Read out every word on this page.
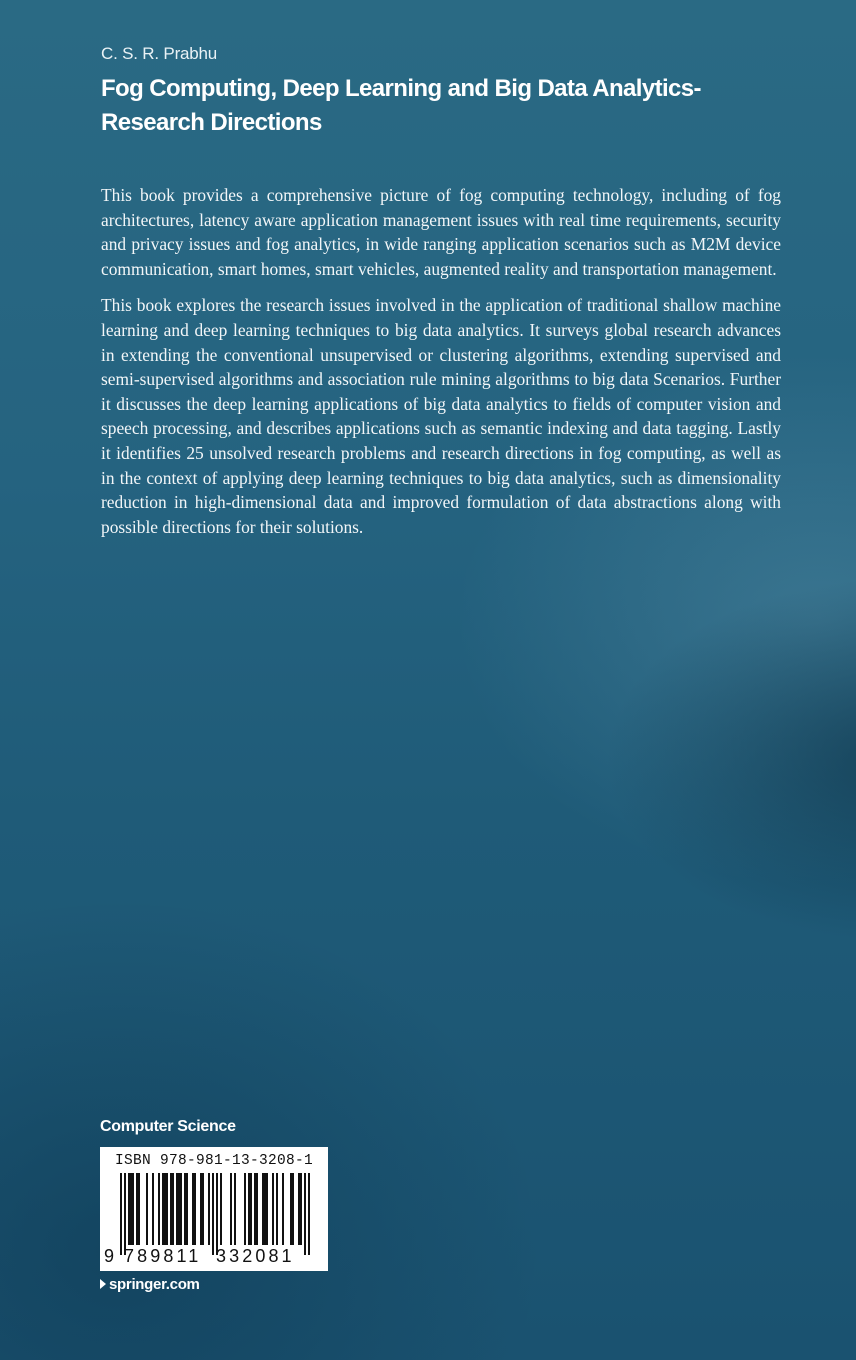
C. S. R. Prabhu
Fog Computing, Deep Learning and Big Data Analytics-Research Directions

This book provides a comprehensive picture of fog computing technology, including of fog architectures, latency aware application management issues with real time requirements, security and privacy issues and fog analytics, in wide ranging application scenarios such as M2M device communication, smart homes, smart vehicles, augmented reality and transportation management.

This book explores the research issues involved in the application of traditional shallow machine learning and deep learning techniques to big data analytics. It surveys global research advances in extending the conventional unsupervised or clustering algorithms, extending supervised and semi-supervised algorithms and association rule mining algorithms to big data Scenarios. Further it discusses the deep learning applications of big data analytics to fields of computer vision and speech processing, and describes applications such as semantic indexing and data tagging. Lastly it identifies 25 unsolved research problems and research directions in fog computing, as well as in the context of applying deep learning techniques to big data analytics, such as dimensionality reduction in high-dimensional data and improved formulation of data abstractions along with possible directions for their solutions.

Computer Science
ISBN 978-981-13-3208-1
9 789811 332081
springer.com
